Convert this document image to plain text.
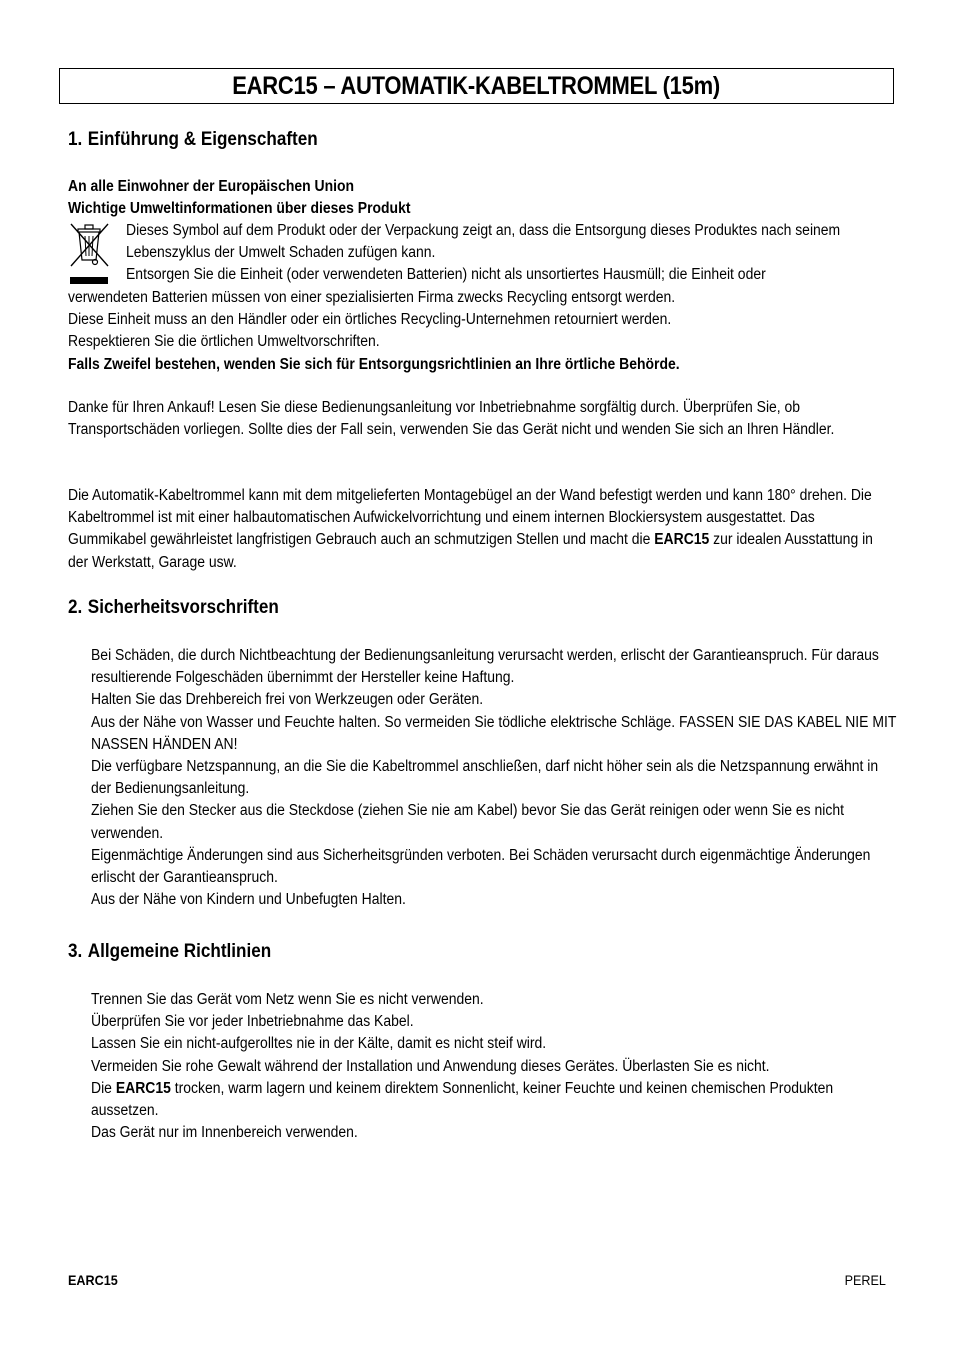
EARC15 – AUTOMATIK-KABELTROMMEL (15m)
1. Einführung & Eigenschaften

An alle Einwohner der Europäischen Union

Wichtige Umweltinformationen über dieses Produkt

Dieses Symbol auf dem Produkt oder der Verpackung zeigt an, dass die Entsorgung dieses Produktes nach seinem Lebenszyklus der Umwelt Schaden zufügen kann.

Entsorgen Sie die Einheit (oder verwendeten Batterien) nicht als unsortiertes Hausmüll; die Einheit oder

verwendeten Batterien müssen von einer spezialisierten Firma zwecks Recycling entsorgt werden.

Diese Einheit muss an den Händler oder ein örtliches Recycling-Unternehmen retourniert werden.

Respektieren Sie die örtlichen Umweltvorschriften.

Falls Zweifel bestehen, wenden Sie sich für Entsorgungsrichtlinien an Ihre örtliche Behörde.

Danke für Ihren Ankauf! Lesen Sie diese Bedienungsanleitung vor Inbetriebnahme sorgfältig durch. Überprüfen Sie, ob Transportschäden vorliegen. Sollte dies der Fall sein, verwenden Sie das Gerät nicht und wenden Sie sich an Ihren Händler.

Die Automatik-Kabeltrommel kann mit dem mitgelieferten Montagebügel an der Wand befestigt werden und kann 180° drehen. Die Kabeltrommel ist mit einer halbautomatischen Aufwickelvorrichtung und einem internen Blockiersystem ausgestattet. Das Gummikabel gewährleistet langfristigen Gebrauch auch an schmutzigen Stellen und macht die EARC15 zur idealen Ausstattung in der Werkstatt, Garage usw.

2. Sicherheitsvorschriften

Bei Schäden, die durch Nichtbeachtung der Bedienungsanleitung verursacht werden, erlischt der Garantieanspruch. Für daraus resultierende Folgeschäden übernimmt der Hersteller keine Haftung.

Halten Sie das Drehbereich frei von Werkzeugen oder Geräten.

Aus der Nähe von Wasser und Feuchte halten. So vermeiden Sie tödliche elektrische Schläge. FASSEN SIE DAS KABEL NIE MIT NASSEN HÄNDEN AN!

Die verfügbare Netzspannung, an die Sie die Kabeltrommel anschließen, darf nicht höher sein als die Netzspannung erwähnt in der Bedienungsanleitung.

Ziehen Sie den Stecker aus die Steckdose (ziehen Sie nie am Kabel) bevor Sie das Gerät reinigen oder wenn Sie es nicht verwenden.

Eigenmächtige Änderungen sind aus Sicherheitsgründen verboten. Bei Schäden verursacht durch eigenmächtige Änderungen erlischt der Garantieanspruch.

Aus der Nähe von Kindern und Unbefugten Halten.

3. Allgemeine Richtlinien

Trennen Sie das Gerät vom Netz wenn Sie es nicht verwenden.

Überprüfen Sie vor jeder Inbetriebnahme das Kabel.

Lassen Sie ein nicht-aufgerolltes nie in der Kälte, damit es nicht steif wird.

Vermeiden Sie rohe Gewalt während der Installation und Anwendung dieses Gerätes. Überlasten Sie es nicht.

Die EARC15 trocken, warm lagern und keinem direktem Sonnenlicht, keiner Feuchte und keinen chemischen Produkten aussetzen.

Das Gerät nur im Innenbereich verwenden.

EARC15	PEREL
